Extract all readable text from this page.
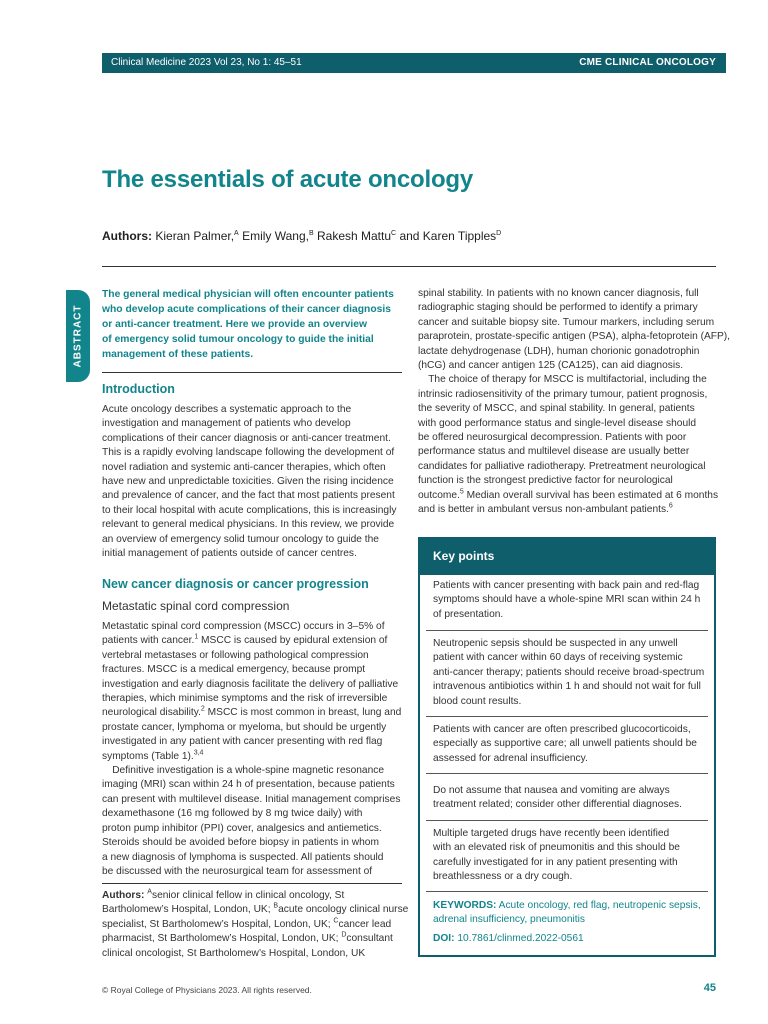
Clinical Medicine 2023 Vol 23, No 1: 45–51	CME CLINICAL ONCOLOGY
The essentials of acute oncology
Authors: Kieran Palmer,$^A$ Emily Wang,$^B$ Rakesh Mattu$^C$ and Karen Tipples$^D$
ABSTRACT
The general medical physician will often encounter patients
who develop acute complications of their cancer diagnosis
or anti-cancer treatment. Here we provide an overview
of emergency solid tumour oncology to guide the initial
management of these patients.
Introduction
Acute oncology describes a systematic approach to the
investigation and management of patients who develop
complications of their cancer diagnosis or anti-cancer treatment.
This is a rapidly evolving landscape following the development of
novel radiation and systemic anti-cancer therapies, which often
have new and unpredictable toxicities. Given the rising incidence
and prevalence of cancer, and the fact that most patients present
to their local hospital with acute complications, this is increasingly
relevant to general medical physicians. In this review, we provide
an overview of emergency solid tumour oncology to guide the
initial management of patients outside of cancer centres.
New cancer diagnosis or cancer progression
Metastatic spinal cord compression
Metastatic spinal cord compression (MSCC) occurs in 3–5% of
patients with cancer.$^1$ MSCC is caused by epidural extension of
vertebral metastases or following pathological compression
fractures. MSCC is a medical emergency, because prompt
investigation and early diagnosis facilitate the delivery of palliative
therapies, which minimise symptoms and the risk of irreversible
neurological disability.$^2$ MSCC is most common in breast, lung and
prostate cancer, lymphoma or myeloma, but should be urgently
investigated in any patient with cancer presenting with red flag
symptoms (Table 1).$^{3,4}$
 Definitive investigation is a whole-spine magnetic resonance
imaging (MRI) scan within 24 h of presentation, because patients
can present with multilevel disease. Initial management comprises
dexamethasone (16 mg followed by 8 mg twice daily) with
proton pump inhibitor (PPI) cover, analgesics and antiemetics.
Steroids should be avoided before biopsy in patients in whom
a new diagnosis of lymphoma is suspected. All patients should
be discussed with the neurosurgical team for assessment of
Authors: $^A$senior clinical fellow in clinical oncology, St
Bartholomew’s Hospital, London, UK; $^B$acute oncology clinical nurse
specialist, St Bartholomew’s Hospital, London, UK; $^C$cancer lead
pharmacist, St Bartholomew’s Hospital, London, UK; $^D$consultant
clinical oncologist, St Bartholomew’s Hospital, London, UK
spinal stability. In patients with no known cancer diagnosis, full
radiographic staging should be performed to identify a primary
cancer and suitable biopsy site. Tumour markers, including serum
paraprotein, prostate-specific antigen (PSA), alpha-fetoprotein (AFP),
lactate dehydrogenase (LDH), human chorionic gonadotrophin
(hCG) and cancer antigen 125 (CA125), can aid diagnosis.
 The choice of therapy for MSCC is multifactorial, including the
intrinsic radiosensitivity of the primary tumour, patient prognosis,
the severity of MSCC, and spinal stability. In general, patients
with good performance status and single-level disease should
be offered neurosurgical decompression. Patients with poor
performance status and multilevel disease are usually better
candidates for palliative radiotherapy. Pretreatment neurological
function is the strongest predictive factor for neurological
outcome.$^5$ Median overall survival has been estimated at 6 months
and is better in ambulant versus non-ambulant patients.$^6$
Key points
Patients with cancer presenting with back pain and red-flag
symptoms should have a whole-spine MRI scan within 24 h
of presentation.
Neutropenic sepsis should be suspected in any unwell
patient with cancer within 60 days of receiving systemic
anti-cancer therapy; patients should receive broad-spectrum
intravenous antibiotics within 1 h and should not wait for full
blood count results.
Patients with cancer are often prescribed glucocorticoids,
especially as supportive care; all unwell patients should be
assessed for adrenal insufficiency.
Do not assume that nausea and vomiting are always
treatment related; consider other differential diagnoses.
Multiple targeted drugs have recently been identified
with an elevated risk of pneumonitis and this should be
carefully investigated for in any patient presenting with
breathlessness or a dry cough.
KEYWORDS: Acute oncology, red flag, neutropenic sepsis,
adrenal insufficiency, pneumonitis
DOI: 10.7861/clinmed.2022-0561
© Royal College of Physicians 2023. All rights reserved.	45
